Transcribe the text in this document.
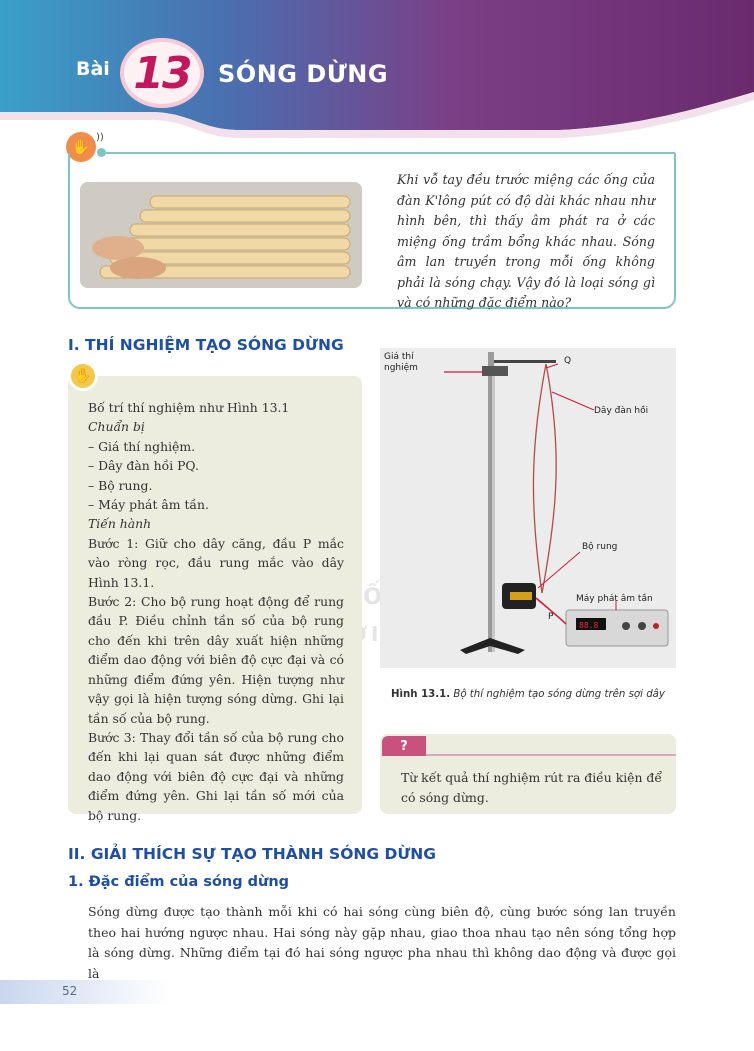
Bài 13 SÓNG DỪNG
✋
))
Khi vỗ tay đều trước miệng các ống của đàn K'lông pút có độ dài khác nhau như hình bên, thì thấy âm phát ra ở các miệng ống trầm bổng khác nhau. Sóng âm lan truyền trong mỗi ống không phải là sóng chạy. Vậy đó là loại sóng gì và có những đặc điểm nào?
I. THÍ NGHIỆM TẠO SÓNG DỪNG
NỐI
✋
Bố trí thí nghiệm như Hình 13.1
Chuẩn bị
– Giá thí nghiệm.
– Dây đàn hồi PQ.
– Bộ rung.
– Máy phát âm tần.
Tiến hành
Bước 1: Giữ cho dây căng, đầu P mắc vào ròng rọc, đầu rung mắc vào dây Hình 13.1.
Bước 2: Cho bộ rung hoạt động để rung đầu P. Điều chỉnh tần số của bộ rung cho đến khi trên dây xuất hiện những điểm dao động với biên độ cực đại và có những điểm đứng yên. Hiện tượng như vậy gọi là hiện tượng sóng dừng. Ghi lại tần số của bộ rung.
Bước 3: Thay đổi tần số của bộ rung cho đến khi lại quan sát được những điểm dao động với biên độ cực đại và những điểm đứng yên. Ghi lại tần số mới của bộ rung.
Giá thí
nghiệm
Q
Dây đàn hồi
Bộ rung
Máy phát âm tần
P
88.8
Hình 13.1. Bộ thí nghiệm tạo sóng dừng trên sợi dây
?
Từ kết quả thí nghiệm rút ra điều kiện để có sóng dừng.
II. GIẢI THÍCH SỰ TẠO THÀNH SÓNG DỪNG
1. Đặc điểm của sóng dừng
Sóng dừng được tạo thành mỗi khi có hai sóng cùng biên độ, cùng bước sóng lan truyền theo hai hướng ngược nhau. Hai sóng này gặp nhau, giao thoa nhau tạo nên sóng tổng hợp là sóng dừng. Những điểm tại đó hai sóng ngược pha nhau thì không dao động và được gọi là
52
